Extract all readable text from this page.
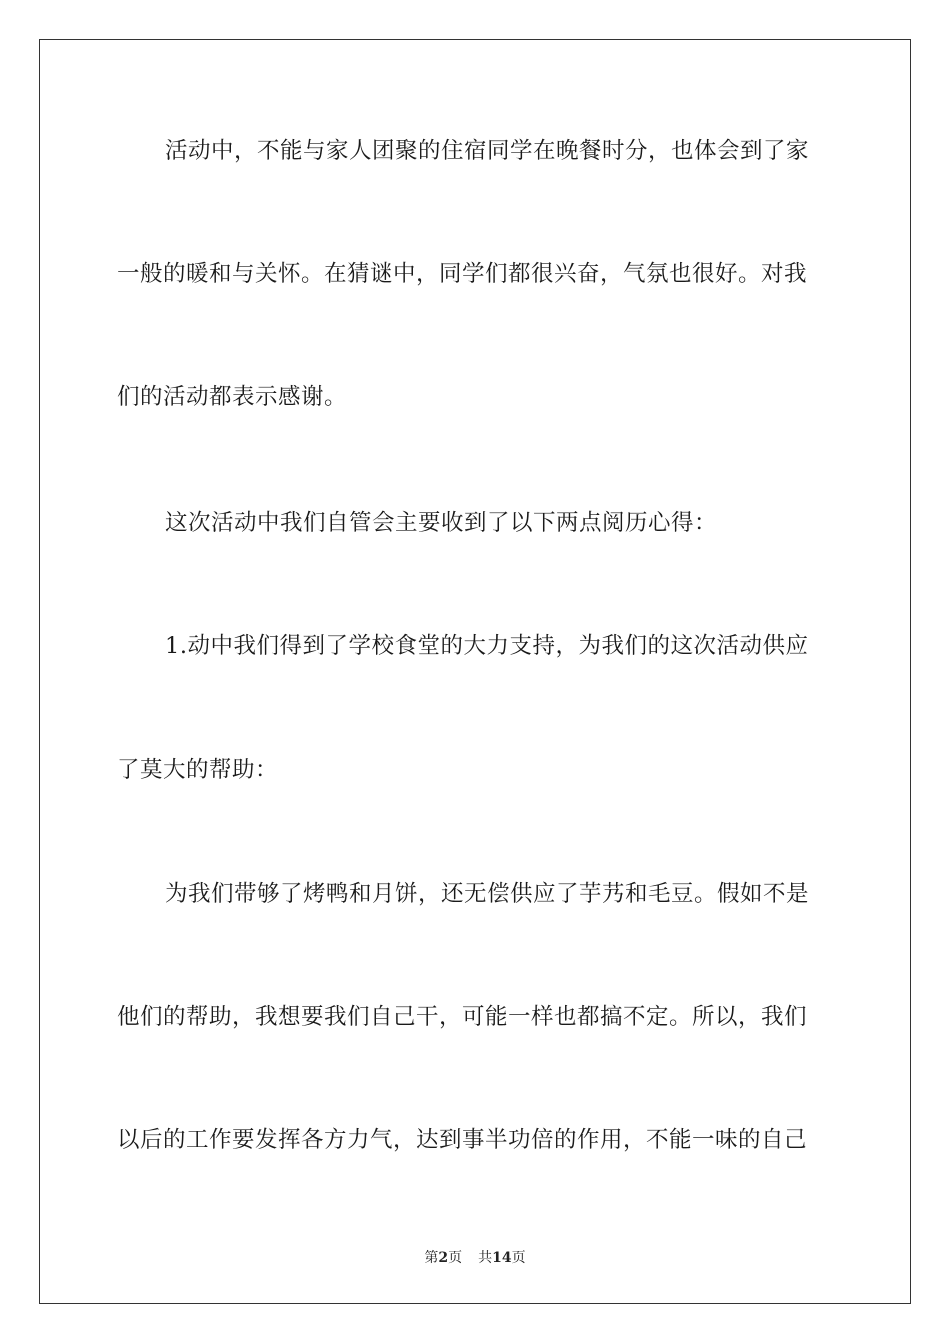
活动中，不能与家人团聚的住宿同学在晚餐时分，也体会到了家
一般的暖和与关怀。在猜谜中，同学们都很兴奋，气氛也很好。对我
们的活动都表示感谢。
这次活动中我们自管会主要收到了以下两点阅历心得：
1.动中我们得到了学校食堂的大力支持，为我们的这次活动供应
了莫大的帮助：
为我们带够了烤鸭和月饼，还无偿供应了芋艿和毛豆。假如不是
他们的帮助，我想要我们自己干，可能一样也都搞不定。所以，我们
以后的工作要发挥各方力气，达到事半功倍的作用，不能一味的自己
第2页 共14页
